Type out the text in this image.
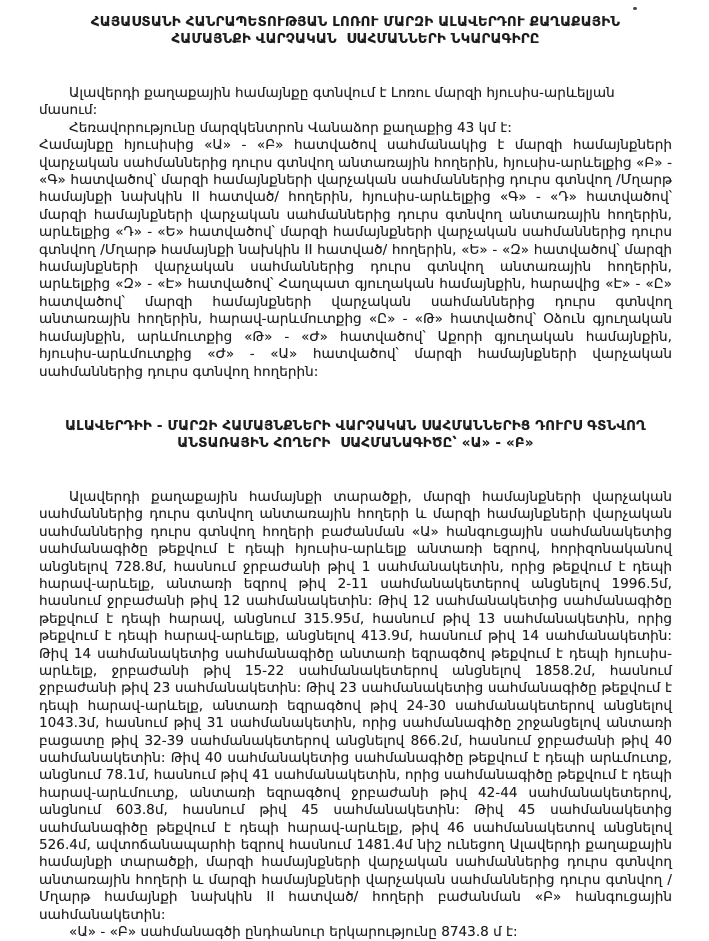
ՀԱՅԱՍՏԱՆԻ ՀԱՆՐԱՊԵՏՈՒԹՅԱՆ ԼՈՌՈՒ ՄԱՐԶԻ ԱԼԱՎԵՐԴՈՒ ՔԱՂԱՔԱՅԻՆ
ՀԱՄԱՅՆՔԻ ՎԱՐՉԱԿԱՆ  ՍԱՀՄԱՆՆԵՐԻ ՆԿԱՐԱԳԻՐԸ

Ալավերդի քաղաքային համայնքը գտնվում է Լոռու մարզի հյուսիս-արևելյան մասում:

Հեռավորությունը մարզկենտրոն Վանաձոր քաղաքից 43 կմ է:

Համայնքը հյուսիսից «Ա» - «Բ» հատվածով սահմանակից է մարզի համայնքների վարչական սահմաններից դուրս գտնվող անտառային հողերին, հյուսիս-արևելքից «Բ» - «Գ» հատվածով՝ մարզի համայնքների վարչական սահմաններից դուրս գտնվող /Մղարթ համայնքի նախկին II հատված/ հողերին, հյուսիս-արևելքից «Գ» - «Դ» հատվածով՝ մարզի համայնքների վարչական սահմաններից դուրս գտնվող անտառային հողերին, արևելքից «Դ» - «Ե» հատվածով՝ մարզի համայնքների վարչական սահմաններից դուրս գտնվող /Մղարթ համայնքի նախկին II հատված/ հողերին, «Ե» - «Զ» հատվածով՝ մարզի համայնքների վարչական սահմաններից դուրս գտնվող անտառային հողերին, արևելքից «Զ» - «Է» հատվածով՝ Հաղպատ գյուղական համայնքին, հարավից «Է» - «Ը» հատվածով՝ մարզի համայնքների վարչական սահմաններից դուրս գտնվող անտառային հողերին, հարավ-արևմուտքից «Ը» - «Թ» հատվածով՝ Օձուն գյուղական համայնքին, արևմուտքից «Թ» - «Ժ» հատվածով՝ Աքորի գյուղական համայնքին, հյուսիս-արևմուտքից «Ժ» - «Ա» հատվածով՝ մարզի համայնքների վարչական սահմաններից դուրս գտնվող հողերին:

ԱԼԱՎԵՐԴԻԻ - ՄԱՐԶԻ ՀԱՄԱՅՆՔՆԵՐԻ ՎԱՐՉԱԿԱՆ ՍԱՀՄԱՆՆԵՐԻՑ ԴՈՒՐՍ ԳՏՆՎՈՂ
ԱՆՏԱՌԱՅԻՆ ՀՈՂԵՐԻ  ՍԱՀՄԱՆԱԳԻԾԸ՝ «Ա» - «Բ»

Ալավերդի քաղաքային համայնքի տարածքի, մարզի համայնքների վարչական սահմաններից դուրս գտնվող անտառային հողերի և մարզի համայնքների վարչական սահմաններից դուրս գտնվող հողերի բաժանման «Ա» հանգուցային սահմանակետից սահմանագիծը թեքվում է դեպի հյուսիս-արևելք անտառի եզրով, հորիզոնականով անցնելով 728.8մ, հասնում ջրբաժանի թիվ 1 սահմանակետին, որից թեքվում է դեպի հարավ-արևելք, անտառի եզրով թիվ 2-11 սահմանակետերով անցնելով 1996.5մ, հասնում ջրբաժանի թիվ 12 սահմանակետին: Թիվ 12 սահմանակետից սահմանագիծը թեքվում է դեպի հարավ, անցնում 315.95մ, հասնում թիվ 13 սահմանակետին, որից թեքվում է դեպի հարավ-արևելք, անցնելով 413.9մ, հասնում թիվ 14 սահմանակետին: Թիվ 14 սահմանակետից սահմանագիծը անտառի եզրագծով թեքվում է դեպի հյուսիս-արևելք, ջրբաժանի թիվ 15-22 սահմանակետերով անցնելով 1858.2մ, հասնում ջրբաժանի թիվ 23 սահմանակետին: Թիվ 23 սահմանակետից սահմանագիծը թեքվում է դեպի հարավ-արևելք, անտառի եզրագծով թիվ 24-30 սահմանակետերով անցնելով 1043.3մ, հասնում թիվ 31 սահմանակետին, որից սահմանագիծը շրջանցելով անտառի բացատը թիվ 32-39 սահմանակետերով անցնելով 866.2մ, հասնում ջրբաժանի թիվ 40 սահմանակետին: Թիվ 40 սահմանակետից սահմանագիծը թեքվում է դեպի արևմուտք, անցնում 78.1մ, հասնում թիվ 41 սահմանակետին, որից սահմանագիծը թեքվում է դեպի հարավ-արևմուտք, անտառի եզրագծով ջրբաժանի թիվ 42-44 սահմանակետերով, անցնում 603.8մ, հասնում թիվ 45 սահմանակետին: Թիվ 45 սահմանակետից սահմանագիծը թեքվում է դեպի հարավ-արևելք, թիվ 46 սահմանակետով անցնելով 526.4մ, ավտոճանապարհի եզրով հասնում 1481.4մ նիշ ունեցող Ալավերդի քաղաքային համայնքի տարածքի, մարզի համայնքների վարչական սահմաններից դուրս գտնվող անտառային հողերի և մարզի համայնքների վարչական սահմաններից դուրս գտնվող /Մղարթ համայնքի նախկին II հատված/ հողերի բաժանման «Բ» հանգուցային սահմանակետին:

«Ա» - «Բ» սահմանագծի ընդհանուր երկարությունը 8743.8 մ է:
